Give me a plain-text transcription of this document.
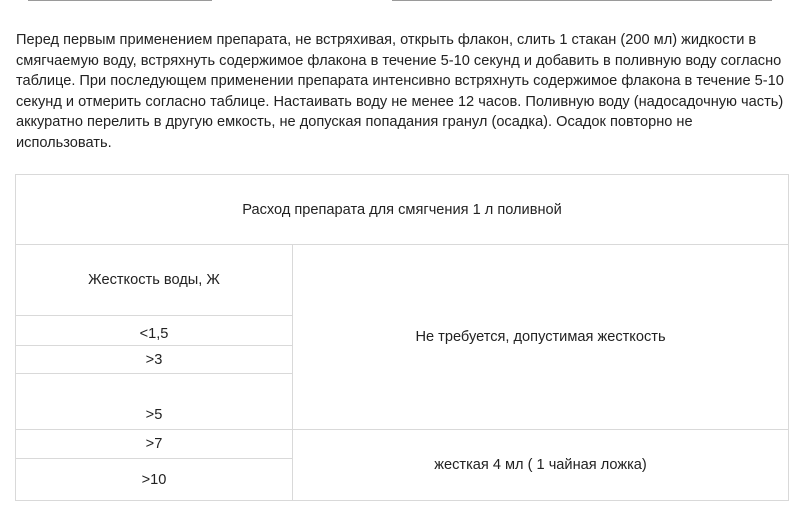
Перед первым применением препарата, не встряхивая, открыть флакон, слить 1 стакан (200 мл) жидкости в смягчаемую воду, встряхнуть содержимое флакона в течение 5-10 секунд и добавить в поливную воду согласно таблице. При последующем применении препарата интенсивно встряхнуть содержимое флакона в течение 5-10 секунд и отмерить согласно таблице. Настаивать воду не менее 12 часов. Поливную воду (надосадочную часть) аккуратно перелить в другую емкость, не допуская попадания гранул (осадка). Осадок повторно не использовать.

Расход препарата для смягчения 1 л поливной	
Жесткость воды, Ж	Не требуется, допустимая жесткость
<1,5	
>3	
>5	
>7	жесткая 4 мл ( 1 чайная ложка)
>10	
